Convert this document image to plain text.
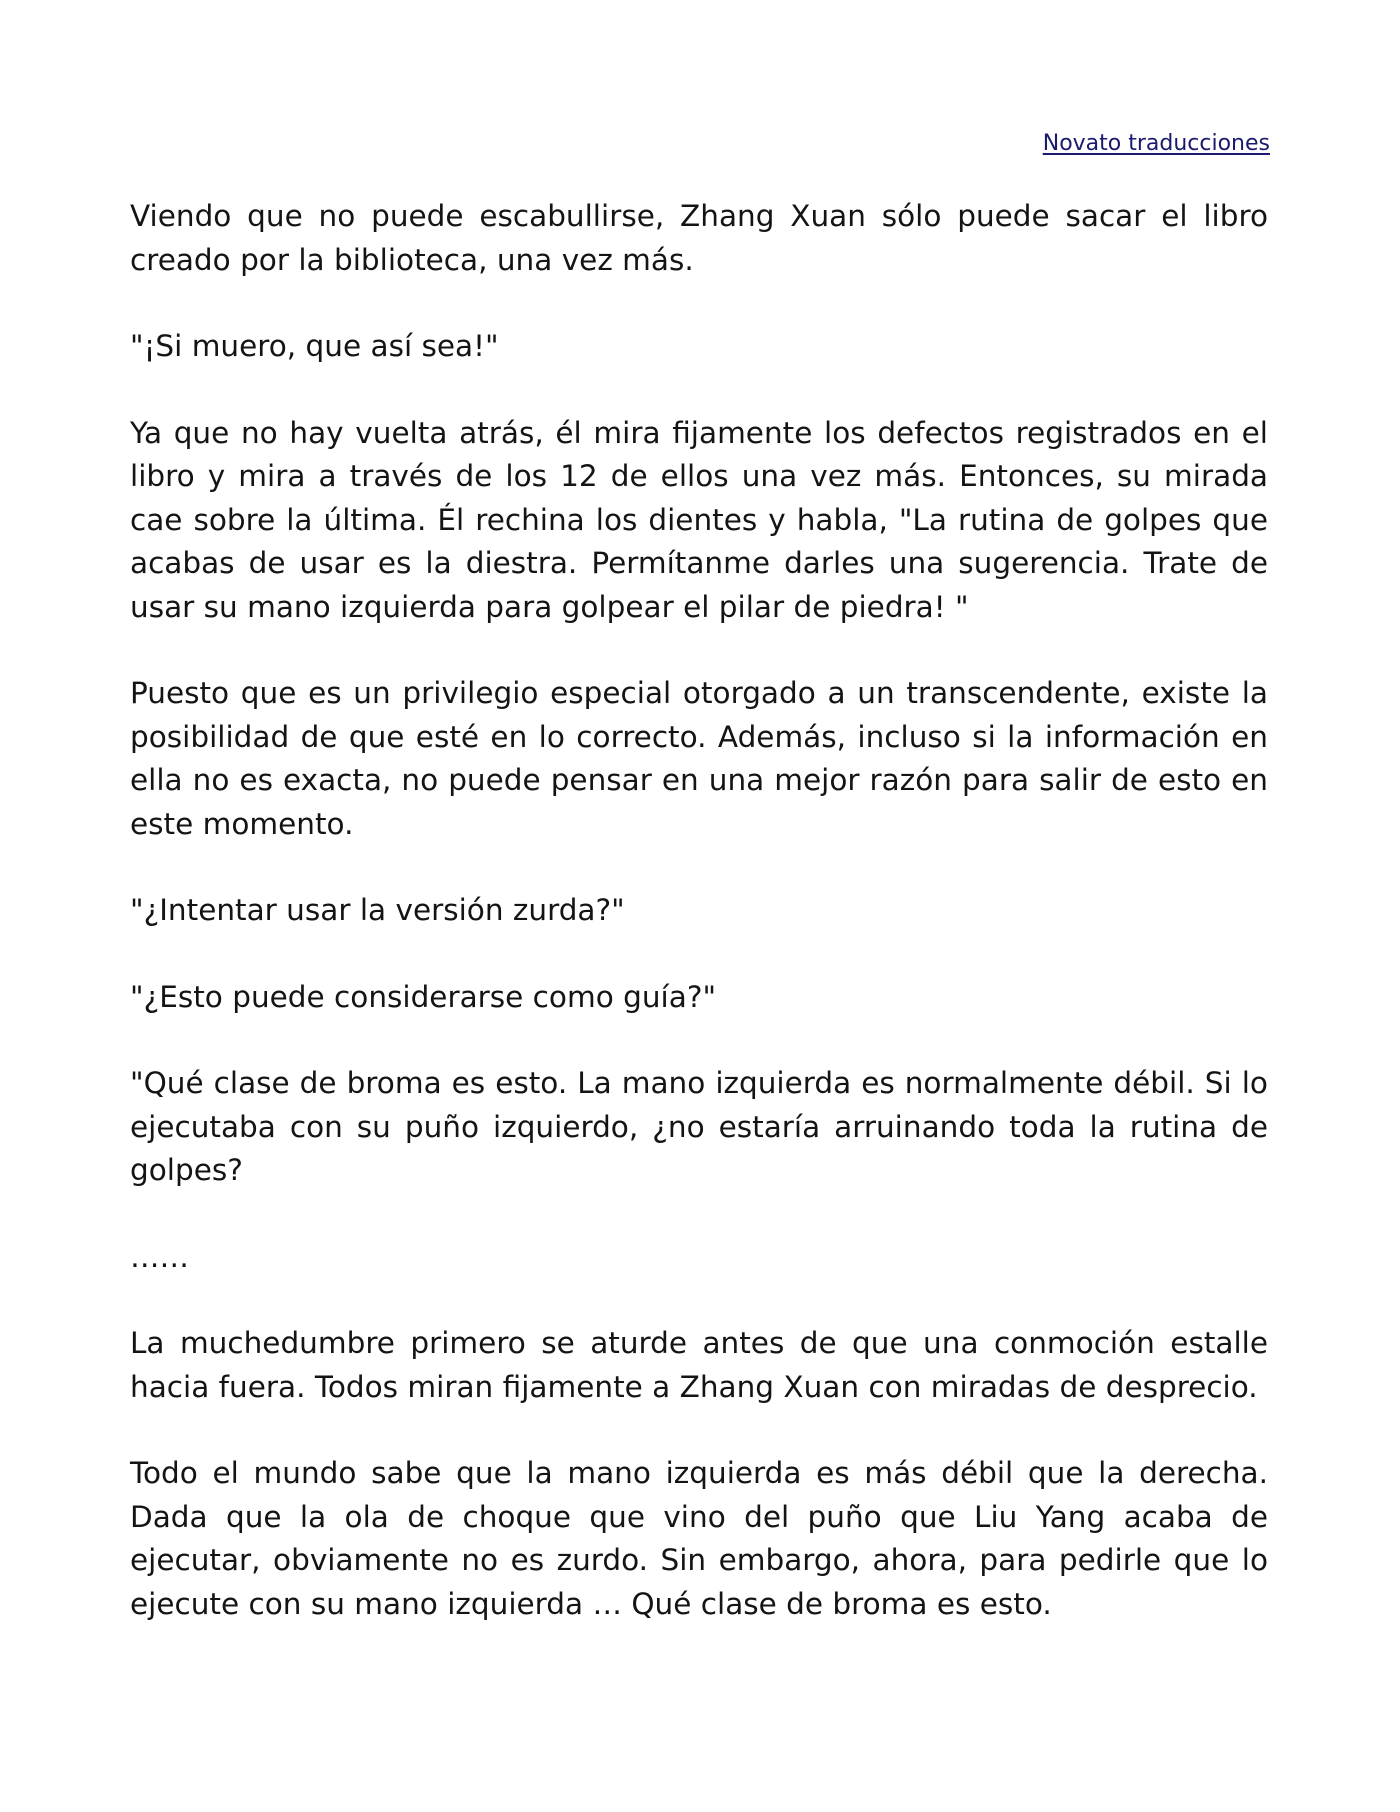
Novato traducciones

Viendo que no puede escabullirse, Zhang Xuan sólo puede sacar el libro creado por la biblioteca, una vez más.

"¡Si muero, que así sea!"

Ya que no hay vuelta atrás, él mira fijamente los defectos registrados en el libro y mira a través de los 12 de ellos una vez más. Entonces, su mirada cae sobre la última. Él rechina los dientes y habla, "La rutina de golpes que acabas de usar es la diestra. Permítanme darles una sugerencia. Trate de usar su mano izquierda para golpear el pilar de piedra! "

Puesto que es un privilegio especial otorgado a un transcendente, existe la posibilidad de que esté en lo correcto. Además, incluso si la información en ella no es exacta, no puede pensar en una mejor razón para salir de esto en este momento.

"¿Intentar usar la versión zurda?"

"¿Esto puede considerarse como guía?"

"Qué clase de broma es esto. La mano izquierda es normalmente débil. Si lo ejecutaba con su puño izquierdo, ¿no estaría arruinando toda la rutina de golpes?

……

La muchedumbre primero se aturde antes de que una conmoción estalle hacia fuera. Todos miran fijamente a Zhang Xuan con miradas de desprecio.

Todo el mundo sabe que la mano izquierda es más débil que la derecha. Dada que la ola de choque que vino del puño que Liu Yang acaba de ejecutar, obviamente no es zurdo. Sin embargo, ahora, para pedirle que lo ejecute con su mano izquierda … Qué clase de broma es esto.
